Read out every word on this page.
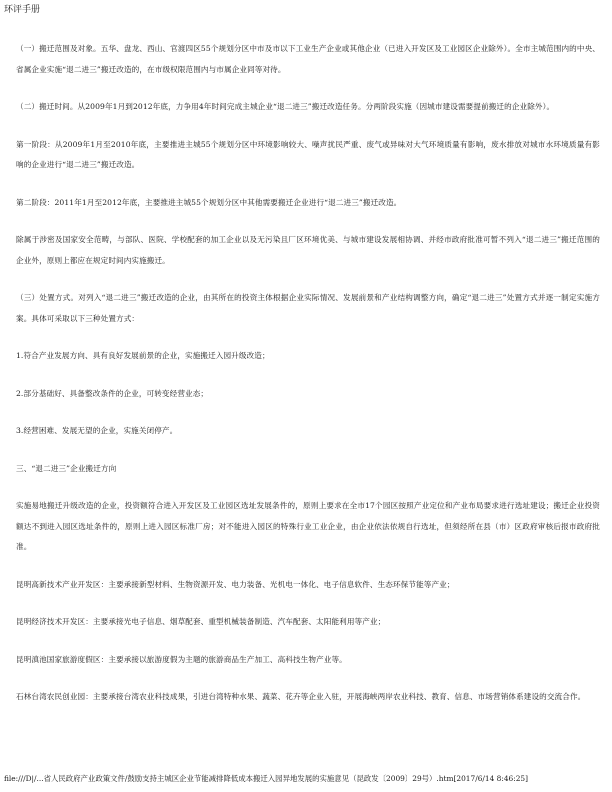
环评手册

（一）搬迁范围及对象。五华、盘龙、西山、官渡四区55个规划分区中市及市以下工业生产企业或其他企业（已进入开发区及工业园区企业除外）。全市主城范围内的中央、省属企业实施“退二进三”搬迁改造的，在市级权限范围内与市属企业同等对待。

（二）搬迁时间。从2009年1月到2012年底，力争用4年时间完成主城企业“退二进三”搬迁改造任务。分两阶段实施（因城市建设需要提前搬迁的企业除外）。

第一阶段：从2009年1月至2010年底，主要推进主城55个规划分区中环境影响较大、噪声扰民严重、废气或异味对大气环境质量有影响，废水排放对城市水环境质量有影响的企业进行“退二进三”搬迁改造。

第二阶段：2011年1月至2012年底，主要推进主城55个规划分区中其他需要搬迁企业进行“退二进三”搬迁改造。

除属于涉密及国家安全范畴，与部队、医院、学校配套的加工企业以及无污染且厂区环境优美、与城市建设发展相协调、并经市政府批准可暂不列入“退二进三”搬迁范围的企业外，原则上都应在规定时间内实施搬迁。

（三）处置方式。对列入“退二进三”搬迁改造的企业，由其所在的投资主体根据企业实际情况、发展前景和产业结构调整方向，确定“退二进三”处置方式并逐一制定实施方案。具体可采取以下三种处置方式：

1.符合产业发展方向、具有良好发展前景的企业，实施搬迁入园升级改造；

2.部分基础好、具备整改条件的企业，可转变经营业态；

3.经营困难、发展无望的企业，实施关闭停产。

三、“退二进三”企业搬迁方向

实施易地搬迁升级改造的企业，投资额符合进入开发区及工业园区选址发展条件的，原则上要求在全市17个园区按照产业定位和产业布局要求进行选址建设；搬迁企业投资额达不到进入园区选址条件的，原则上进入园区标准厂房；对不能进入园区的特殊行业工业企业，由企业依法依规自行选址，但须经所在县（市）区政府审核后报市政府批准。

昆明高新技术产业开发区：主要承接新型材料、生物资源开发、电力装备、光机电一体化、电子信息软件、生态环保节能等产业；

昆明经济技术开发区：主要承接光电子信息、烟草配套、重型机械装备制造、汽车配套、太阳能利用等产业；

昆明滇池国家旅游度假区：主要承接以旅游度假为主题的旅游商品生产加工、高科技生物产业等。

石林台湾农民创业园：主要承接台湾农业科技成果，引进台湾特种水果、蔬菜、花卉等企业入驻，开展海峡两岸农业科技、教育、信息、市场营销体系建设的交流合作。

file:///D|/...省人民政府产业政策文件/鼓励支持主城区企业节能减排降低成本搬迁入园异地发展的实施意见（昆政发〔2009〕29号）.htm[2017/6/14 8:46:25]
